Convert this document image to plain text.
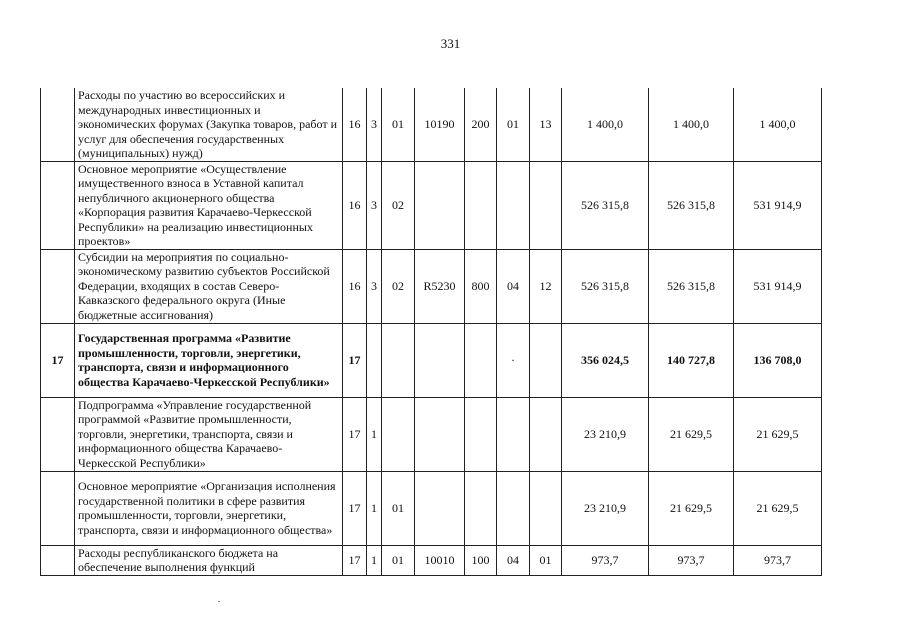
331
	Расходы по участию во всероссийских и международных инвестиционных и экономических форумах (Закупка товаров, работ и услуг для обеспечения государственных (муниципальных) нужд)	16	3	01	10190	200	01	13	1 400,0	1 400,0	1 400,0
	Основное мероприятие «Осуществление имущественного взноса в Уставной капитал непубличного акционерного общества «Корпорация развития Карачаево-Черкесской Республики» на реализацию инвестиционных проектов»	16	3	02					526 315,8	526 315,8	531 914,9
	Субсидии на мероприятия по социально-экономическому развитию субъектов Российской Федерации, входящих в состав Северо-Кавказского федерального округа (Иные бюджетные ассигнования)	16	3	02	R5230	800	04	12	526 315,8	526 315,8	531 914,9
17	Государственная программа «Развитие промышленности, торговли, энергетики, транспорта, связи и информационного общества Карачаево-Черкесской Республики»	17					·		356 024,5	140 727,8	136 708,0
	Подпрограмма «Управление государственной программой «Развитие промышленности, торговли, энергетики, транспорта, связи и информационного общества Карачаево-Черкесской Республики»	17	1						23 210,9	21 629,5	21 629,5
	Основное мероприятие «Организация исполнения государственной политики в сфере развития промышленности, торговли, энергетики, транспорта, связи и информационного общества»	17	1	01					23 210,9	21 629,5	21 629,5
	Расходы республиканского бюджета на обеспечение выполнения функций	17	1	01	10010	100	04	01	973,7	973,7	973,7
